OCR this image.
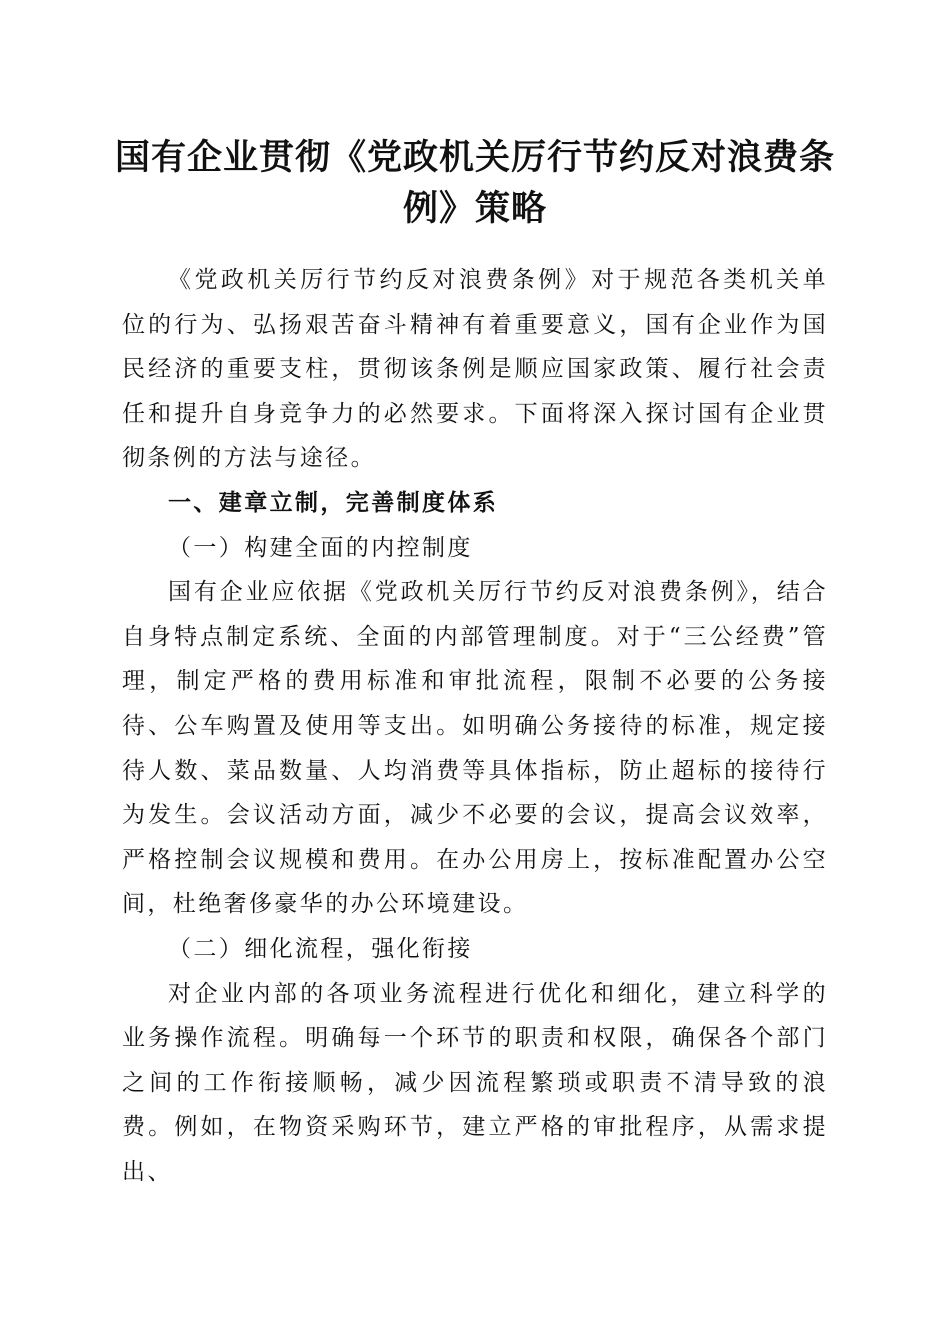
国有企业贯彻《党政机关厉行节约反对浪费条例》策略

《党政机关厉行节约反对浪费条例》对于规范各类机关单位的行为、弘扬艰苦奋斗精神有着重要意义，国有企业作为国民经济的重要支柱，贯彻该条例是顺应国家政策、履行社会责任和提升自身竞争力的必然要求。下面将深入探讨国有企业贯彻条例的方法与途径。

一、建章立制，完善制度体系

（一）构建全面的内控制度

国有企业应依据《党政机关厉行节约反对浪费条例》，结合自身特点制定系统、全面的内部管理制度。对于“三公经费”管理，制定严格的费用标准和审批流程，限制不必要的公务接待、公车购置及使用等支出。如明确公务接待的标准，规定接待人数、菜品数量、人均消费等具体指标，防止超标的接待行为发生。会议活动方面，减少不必要的会议，提高会议效率，严格控制会议规模和费用。在办公用房上，按标准配置办公空间，杜绝奢侈豪华的办公环境建设。

（二）细化流程，强化衔接

对企业内部的各项业务流程进行优化和细化，建立科学的业务操作流程。明确每一个环节的职责和权限，确保各个部门之间的工作衔接顺畅，减少因流程繁琐或职责不清导致的浪费。例如，在物资采购环节，建立严格的审批程序，从需求提出、
